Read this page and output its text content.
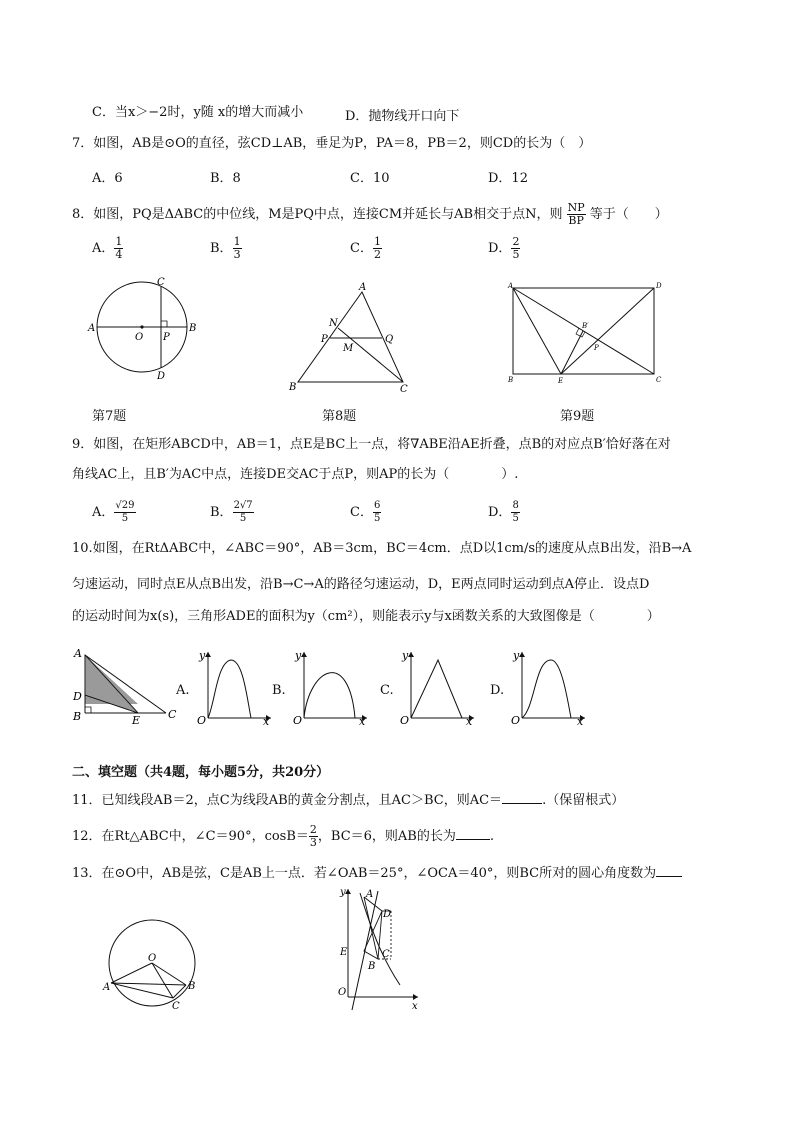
C．当x＞−2时，y随 x的增大而减小	D．抛物线开口向下
7．如图，AB是⊙O的直径，弦CD⊥AB，垂足为P，PA＝8，PB＝2，则CD的长为（　）
A．6	B．8	C．10	D．12
8．如图，PQ是ΔABC的中位线，M是PQ中点，连接CM并延长与AB相交于点N，则 $\frac{NP}{BP}$ 等于（　　）
A． $\frac{1}{4}$	B． $\frac{1}{3}$	C． $\frac{1}{2}$	D． $\frac{2}{5}$
A	B
C
D
O P
第7题
A
B	C
N
P	Q
M
第8题
A	D
B	C
E
B′
P
第9题
9．如图，在矩形ABCD中，AB＝1，点E是BC上一点，将∇ABE沿AE折叠，点B的对应点B′恰好落在对
角线AC上，且B′为AC中点，连接DE交AC于点P，则AP的长为（　　　　）.
A． $\frac{√29}{5}$	B． $\frac{2√7}{5}$	C． $\frac{6}{5}$	D． $\frac{8}{5}$
10.如图，在RtΔABC中，∠ABC＝90°，AB＝3cm，BC＝4cm．点D以1cm/s的速度从点B出发，沿B→A
匀速运动，同时点E从点B出发，沿B→C→A的路径匀速运动，D，E两点同时运动到点A停止．设点D
的运动时间为x(s)，三角形ADE的面积为y（cm²），则能表示y与x函数关系的大致图像是（　　　　）
A
D
B	E	C
A.
y
O	x
B.
y
O	x
C.
y
O	x
D.
y
O	x
二、填空题（共4题，每小题5分，共20分）
11．已知线段AB＝2，点C为线段AB的黄金分割点，且AC＞BC，则AC＝	.（保留根式）
12．在Rt△ABC中，∠C＝90°，$\cos B= \frac{2}{3}$ ，BC＝6，则AB的长为	.
13．在⊙O中，AB是弦，C是AB上一点．若∠OAB＝25°，∠OCA＝40°，则BC所对的圆心角度数为
O
A	B
C
y
O
x
A
D
E	C
B
